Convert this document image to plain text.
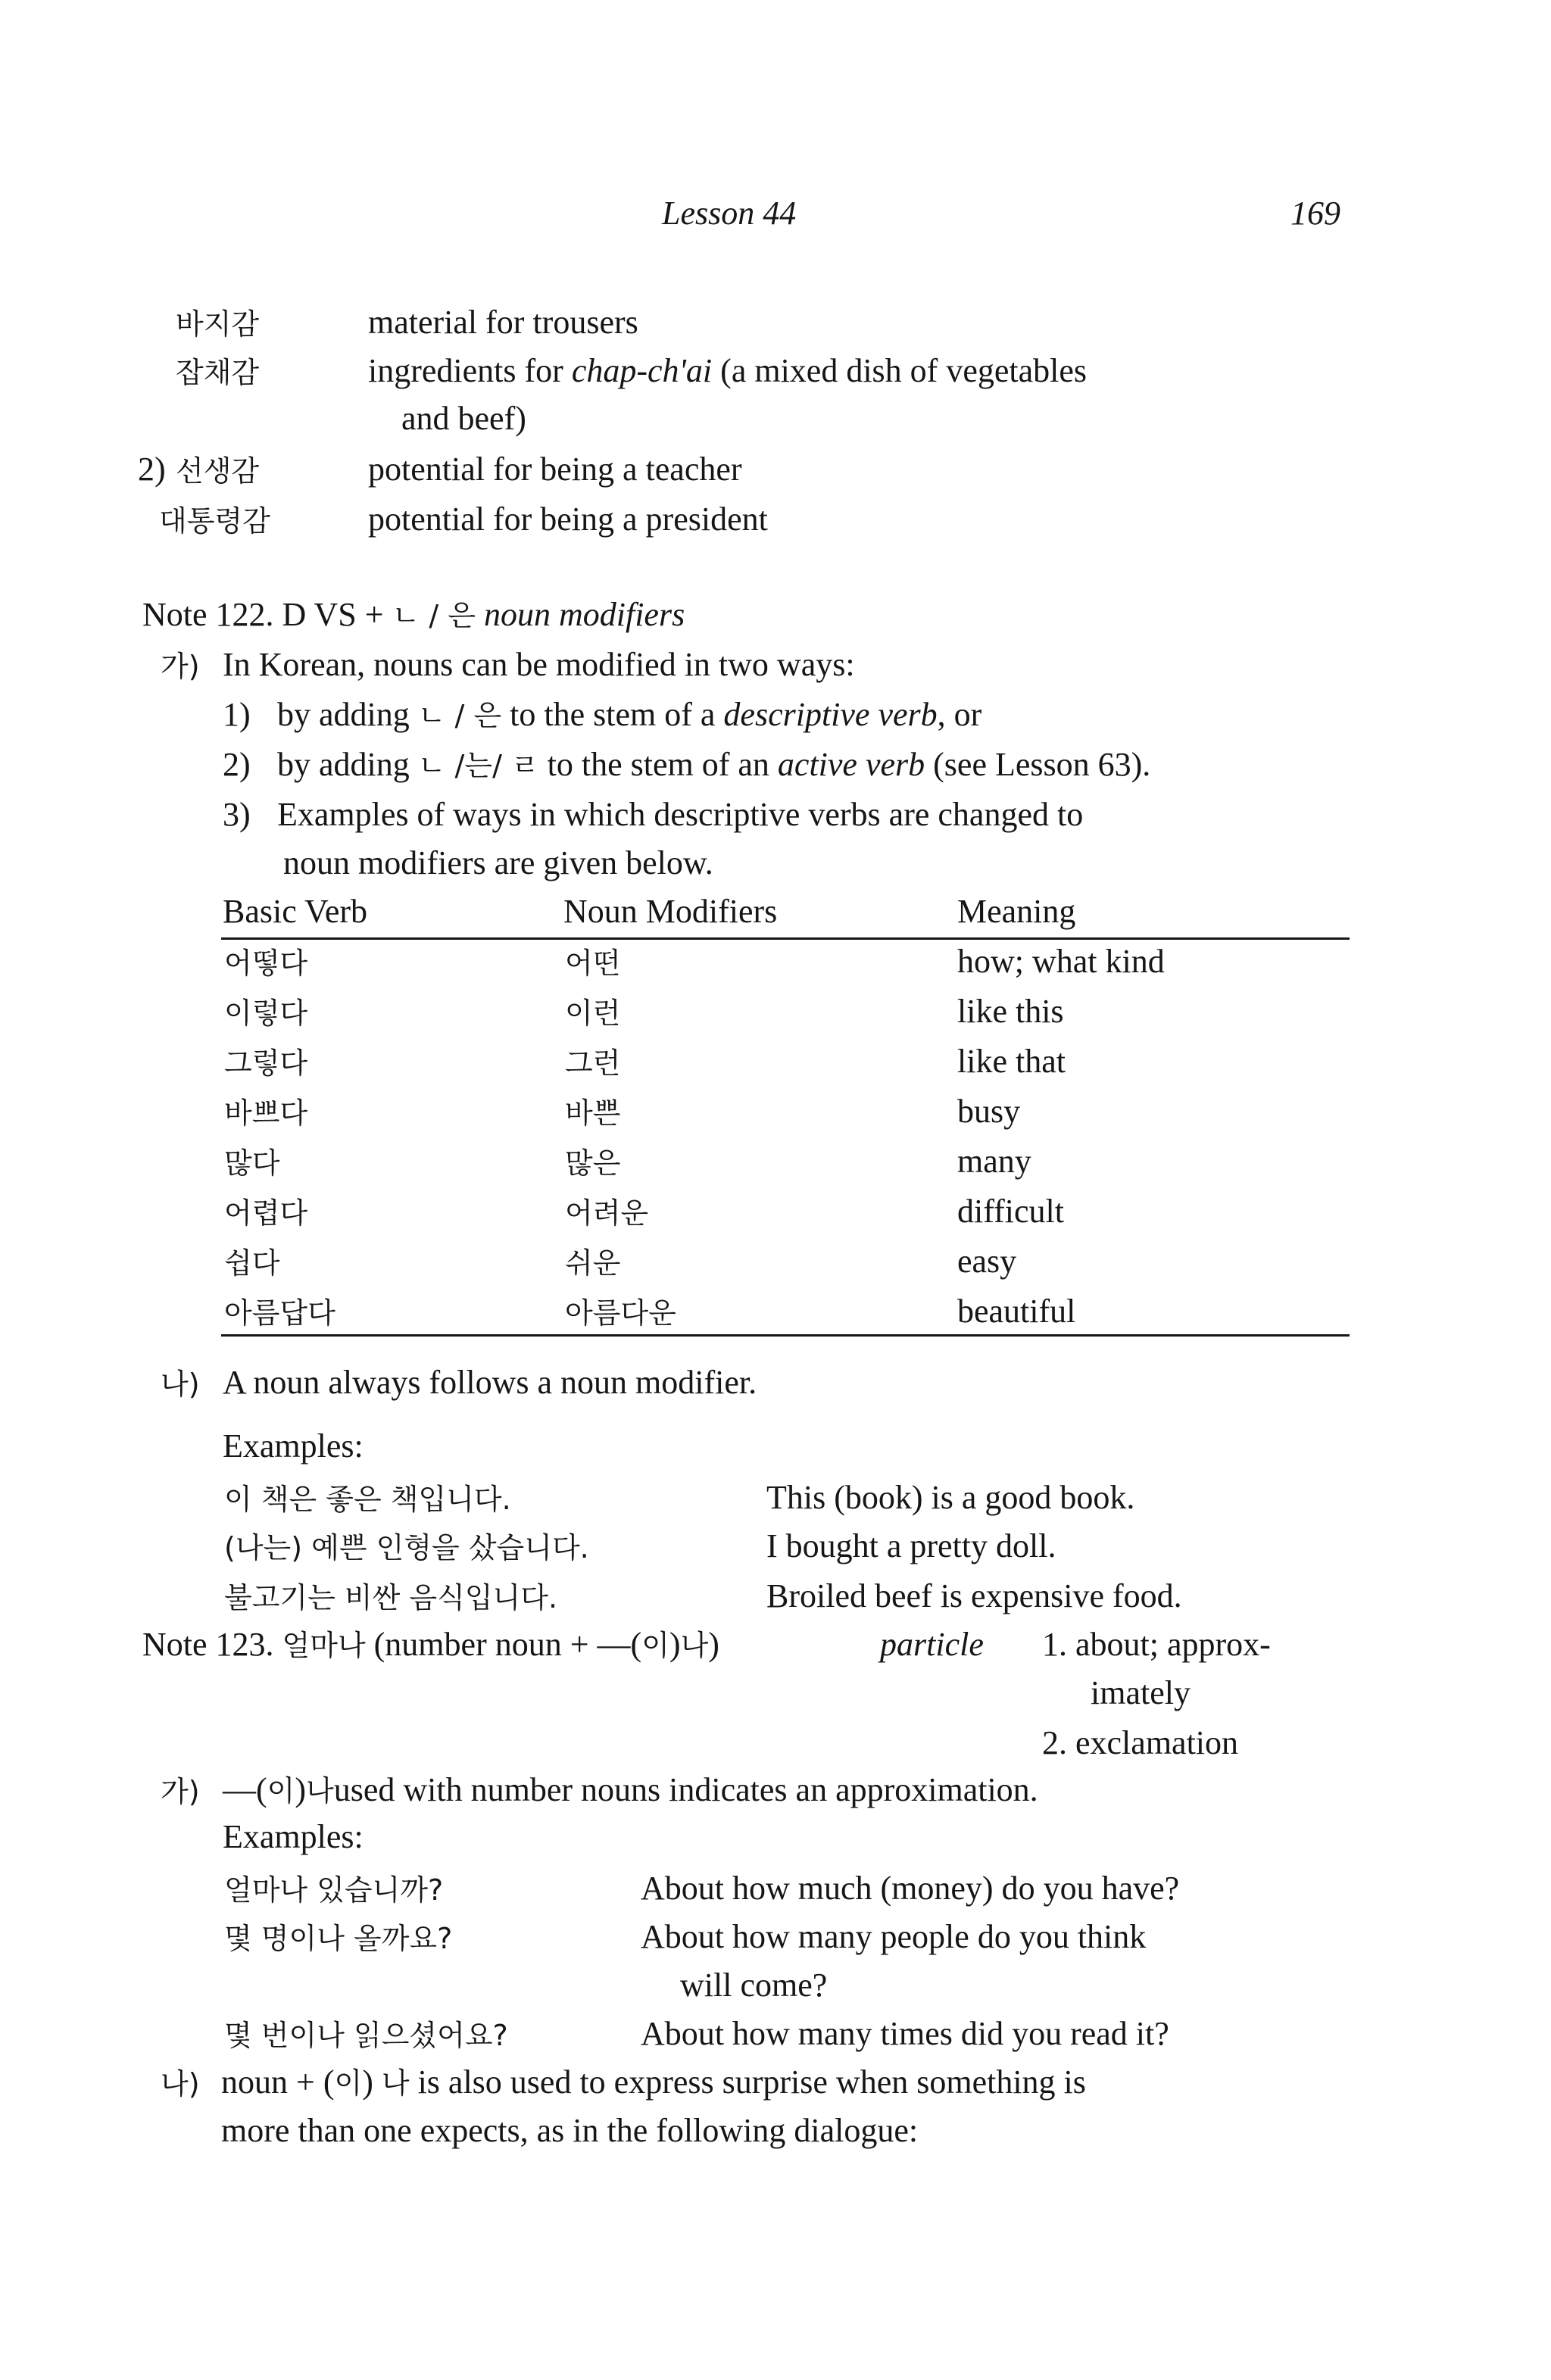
Lesson 44	169
바지감	material for trousers
잡채감	ingredients for chap-ch'ai (a mixed dish of vegetables
and beef)
2) 선생감	potential for being a teacher
대통령감	potential for being a president
Note 122. D VS + ㄴ / 은 noun modifiers
가) In Korean, nouns can be modified in two ways:
1) by adding ㄴ / 은 to the stem of a descriptive verb, or
2) by adding ㄴ /는/ ㄹ to the stem of an active verb (see Lesson 63).
3) Examples of ways in which descriptive verbs are changed to
noun modifiers are given below.
Basic Verb	Noun Modifiers	Meaning
어떻다	어떤	how; what kind
이렇다	이런	like this
그렇다	그런	like that
바쁘다	바쁜	busy
많다	많은	many
어렵다	어려운	difficult
쉽다	쉬운	easy
아름답다	아름다운	beautiful
나) A noun always follows a noun modifier.
Examples:
이 책은 좋은 책입니다.	This (book) is a good book.
(나는) 예쁜 인형을 샀습니다.	I bought a pretty doll.
불고기는 비싼 음식입니다.	Broiled beef is expensive food.
Note 123. 얼마나 (number noun + —(이)나)	particle 1. about; approx-
imately
2. exclamation
가) —(이)나used with number nouns indicates an approximation.
Examples:
얼마나 있습니까?	About how much (money) do you have?
몇 명이나 올까요?	About how many people do you think
will come?
몇 번이나 읽으셨어요?	About how many times did you read it?
나) noun + (이) 나 is also used to express surprise when something is
more than one expects, as in the following dialogue:
